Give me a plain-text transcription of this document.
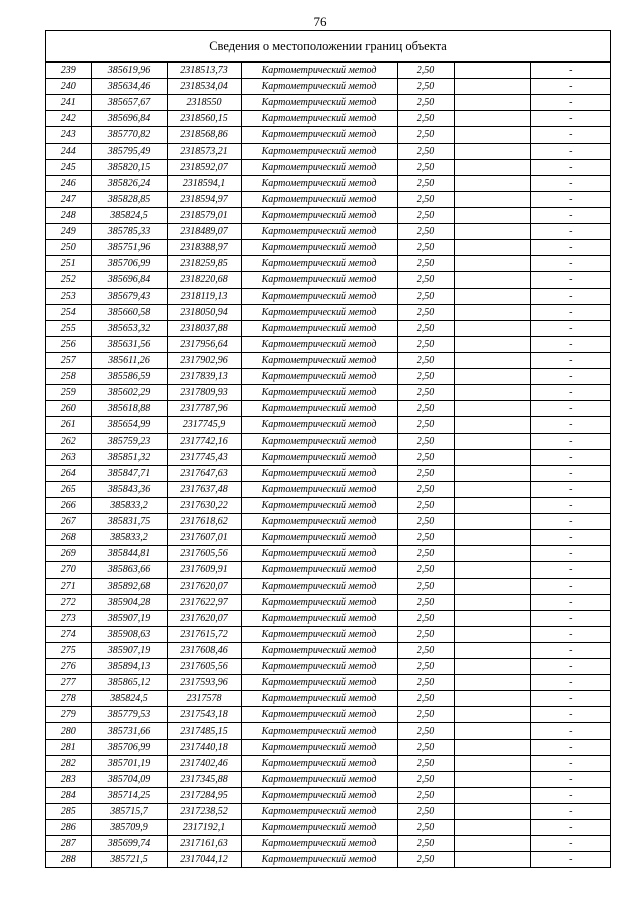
76
Сведения о местоположении границ объекта
239	385619,96	2318513,73	Картометрический метод	2,50		-
240	385634,46	2318534,04	Картометрический метод	2,50		-
241	385657,67	2318550	Картометрический метод	2,50		-
242	385696,84	2318560,15	Картометрический метод	2,50		-
243	385770,82	2318568,86	Картометрический метод	2,50		-
244	385795,49	2318573,21	Картометрический метод	2,50		-
245	385820,15	2318592,07	Картометрический метод	2,50		-
246	385826,24	2318594,1	Картометрический метод	2,50		-
247	385828,85	2318594,97	Картометрический метод	2,50		-
248	385824,5	2318579,01	Картометрический метод	2,50		-
249	385785,33	2318489,07	Картометрический метод	2,50		-
250	385751,96	2318388,97	Картометрический метод	2,50		-
251	385706,99	2318259,85	Картометрический метод	2,50		-
252	385696,84	2318220,68	Картометрический метод	2,50		-
253	385679,43	2318119,13	Картометрический метод	2,50		-
254	385660,58	2318050,94	Картометрический метод	2,50		-
255	385653,32	2318037,88	Картометрический метод	2,50		-
256	385631,56	2317956,64	Картометрический метод	2,50		-
257	385611,26	2317902,96	Картометрический метод	2,50		-
258	385586,59	2317839,13	Картометрический метод	2,50		-
259	385602,29	2317809,93	Картометрический метод	2,50		-
260	385618,88	2317787,96	Картометрический метод	2,50		-
261	385654,99	2317745,9	Картометрический метод	2,50		-
262	385759,23	2317742,16	Картометрический метод	2,50		-
263	385851,32	2317745,43	Картометрический метод	2,50		-
264	385847,71	2317647,63	Картометрический метод	2,50		-
265	385843,36	2317637,48	Картометрический метод	2,50		-
266	385833,2	2317630,22	Картометрический метод	2,50		-
267	385831,75	2317618,62	Картометрический метод	2,50		-
268	385833,2	2317607,01	Картометрический метод	2,50		-
269	385844,81	2317605,56	Картометрический метод	2,50		-
270	385863,66	2317609,91	Картометрический метод	2,50		-
271	385892,68	2317620,07	Картометрический метод	2,50		-
272	385904,28	2317622,97	Картометрический метод	2,50		-
273	385907,19	2317620,07	Картометрический метод	2,50		-
274	385908,63	2317615,72	Картометрический метод	2,50		-
275	385907,19	2317608,46	Картометрический метод	2,50		-
276	385894,13	2317605,56	Картометрический метод	2,50		-
277	385865,12	2317593,96	Картометрический метод	2,50		-
278	385824,5	2317578	Картометрический метод	2,50		-
279	385779,53	2317543,18	Картометрический метод	2,50		-
280	385731,66	2317485,15	Картометрический метод	2,50		-
281	385706,99	2317440,18	Картометрический метод	2,50		-
282	385701,19	2317402,46	Картометрический метод	2,50		-
283	385704,09	2317345,88	Картометрический метод	2,50		-
284	385714,25	2317284,95	Картометрический метод	2,50		-
285	385715,7	2317238,52	Картометрический метод	2,50		-
286	385709,9	2317192,1	Картометрический метод	2,50		-
287	385699,74	2317161,63	Картометрический метод	2,50		-
288	385721,5	2317044,12	Картометрический метод	2,50		-
